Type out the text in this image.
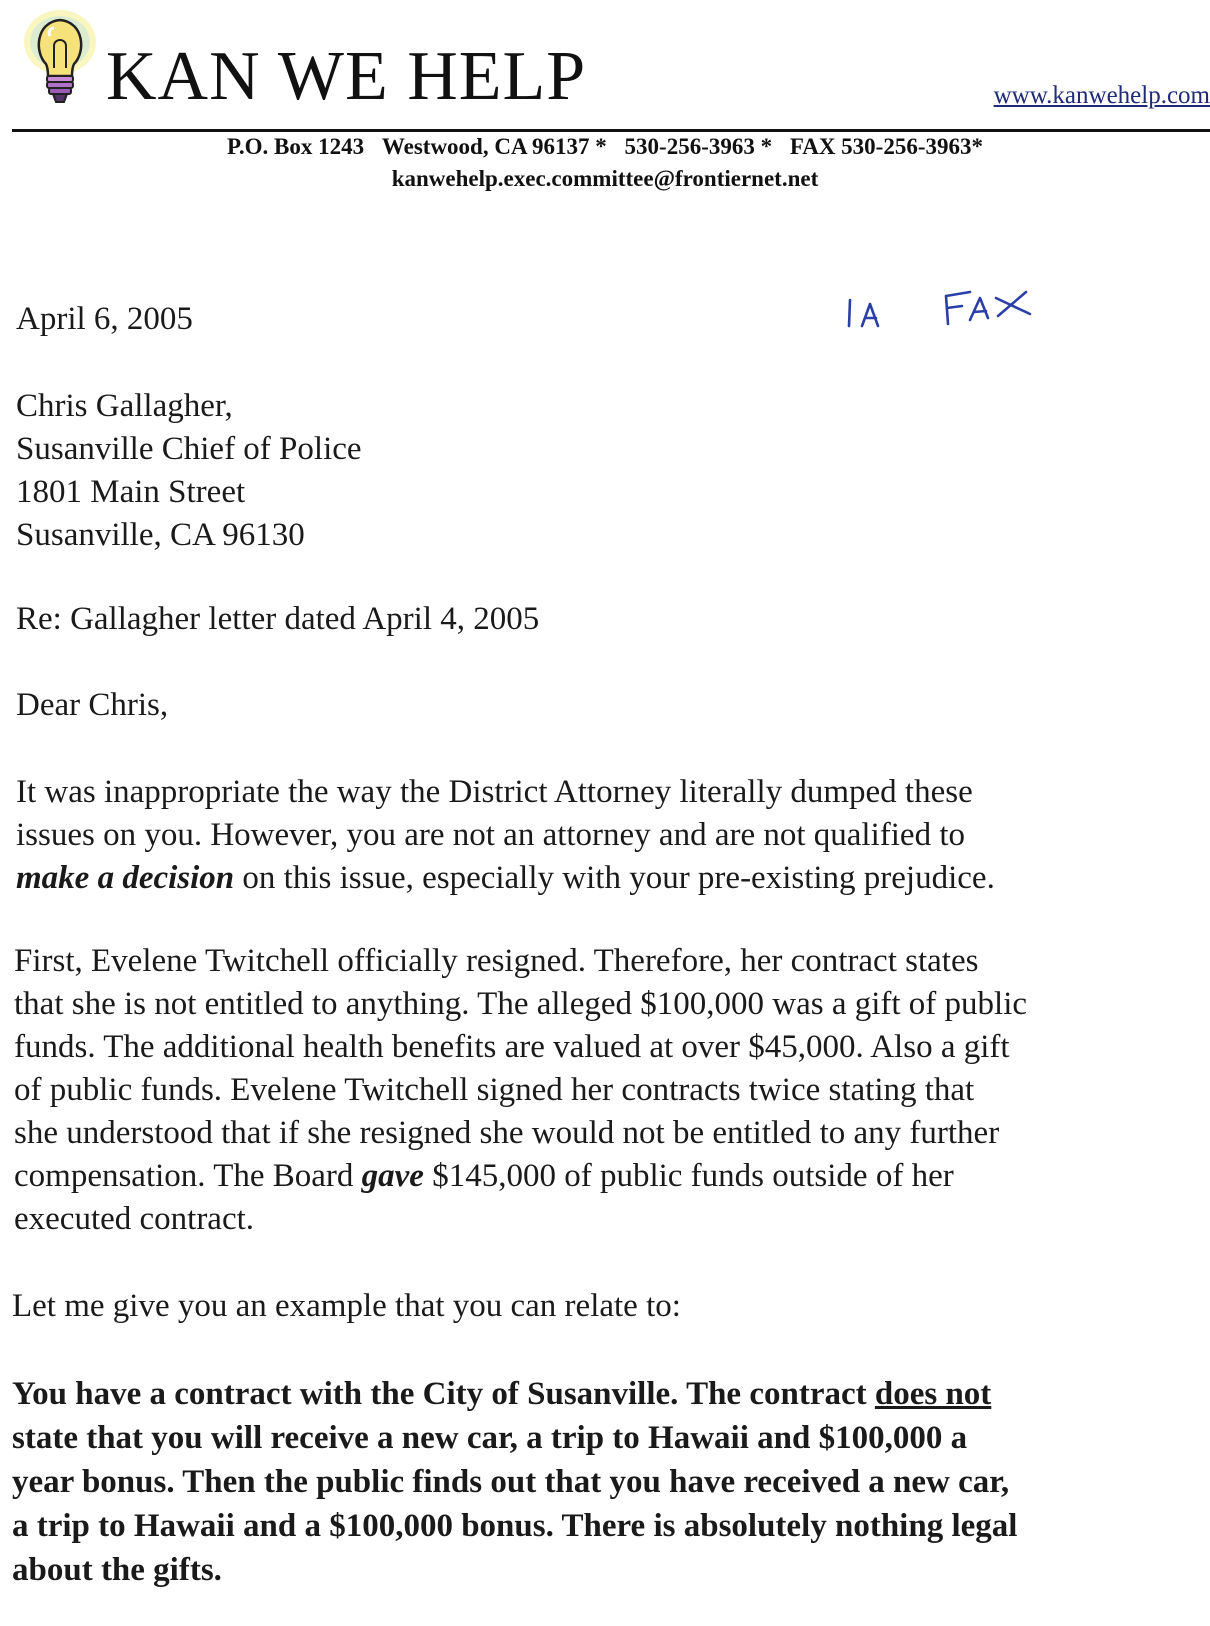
KAN WE HELP	www.kanwehelp.com
P.O. Box 1243 Westwood, CA 96137 * 530-256-3963 * FAX 530-256-3963*
kanwehelp.exec.committee@frontiernet.net
April 6, 2005
Chris Gallagher,
Susanville Chief of Police
1801 Main Street
Susanville, CA 96130
Re: Gallagher letter dated April 4, 2005
Dear Chris,
It was inappropriate the way the District Attorney literally dumped these
issues on you. However, you are not an attorney and are not qualified to
make a decision on this issue, especially with your pre-existing prejudice.
First, Evelene Twitchell officially resigned. Therefore, her contract states
that she is not entitled to anything. The alleged $100,000 was a gift of public
funds. The additional health benefits are valued at over $45,000. Also a gift
of public funds. Evelene Twitchell signed her contracts twice stating that
she understood that if she resigned she would not be entitled to any further
compensation. The Board gave $145,000 of public funds outside of her
executed contract.
Let me give you an example that you can relate to:
You have a contract with the City of Susanville. The contract does not
state that you will receive a new car, a trip to Hawaii and $100,000 a
year bonus. Then the public finds out that you have received a new car,
a trip to Hawaii and a $100,000 bonus. There is absolutely nothing legal
about the gifts.
